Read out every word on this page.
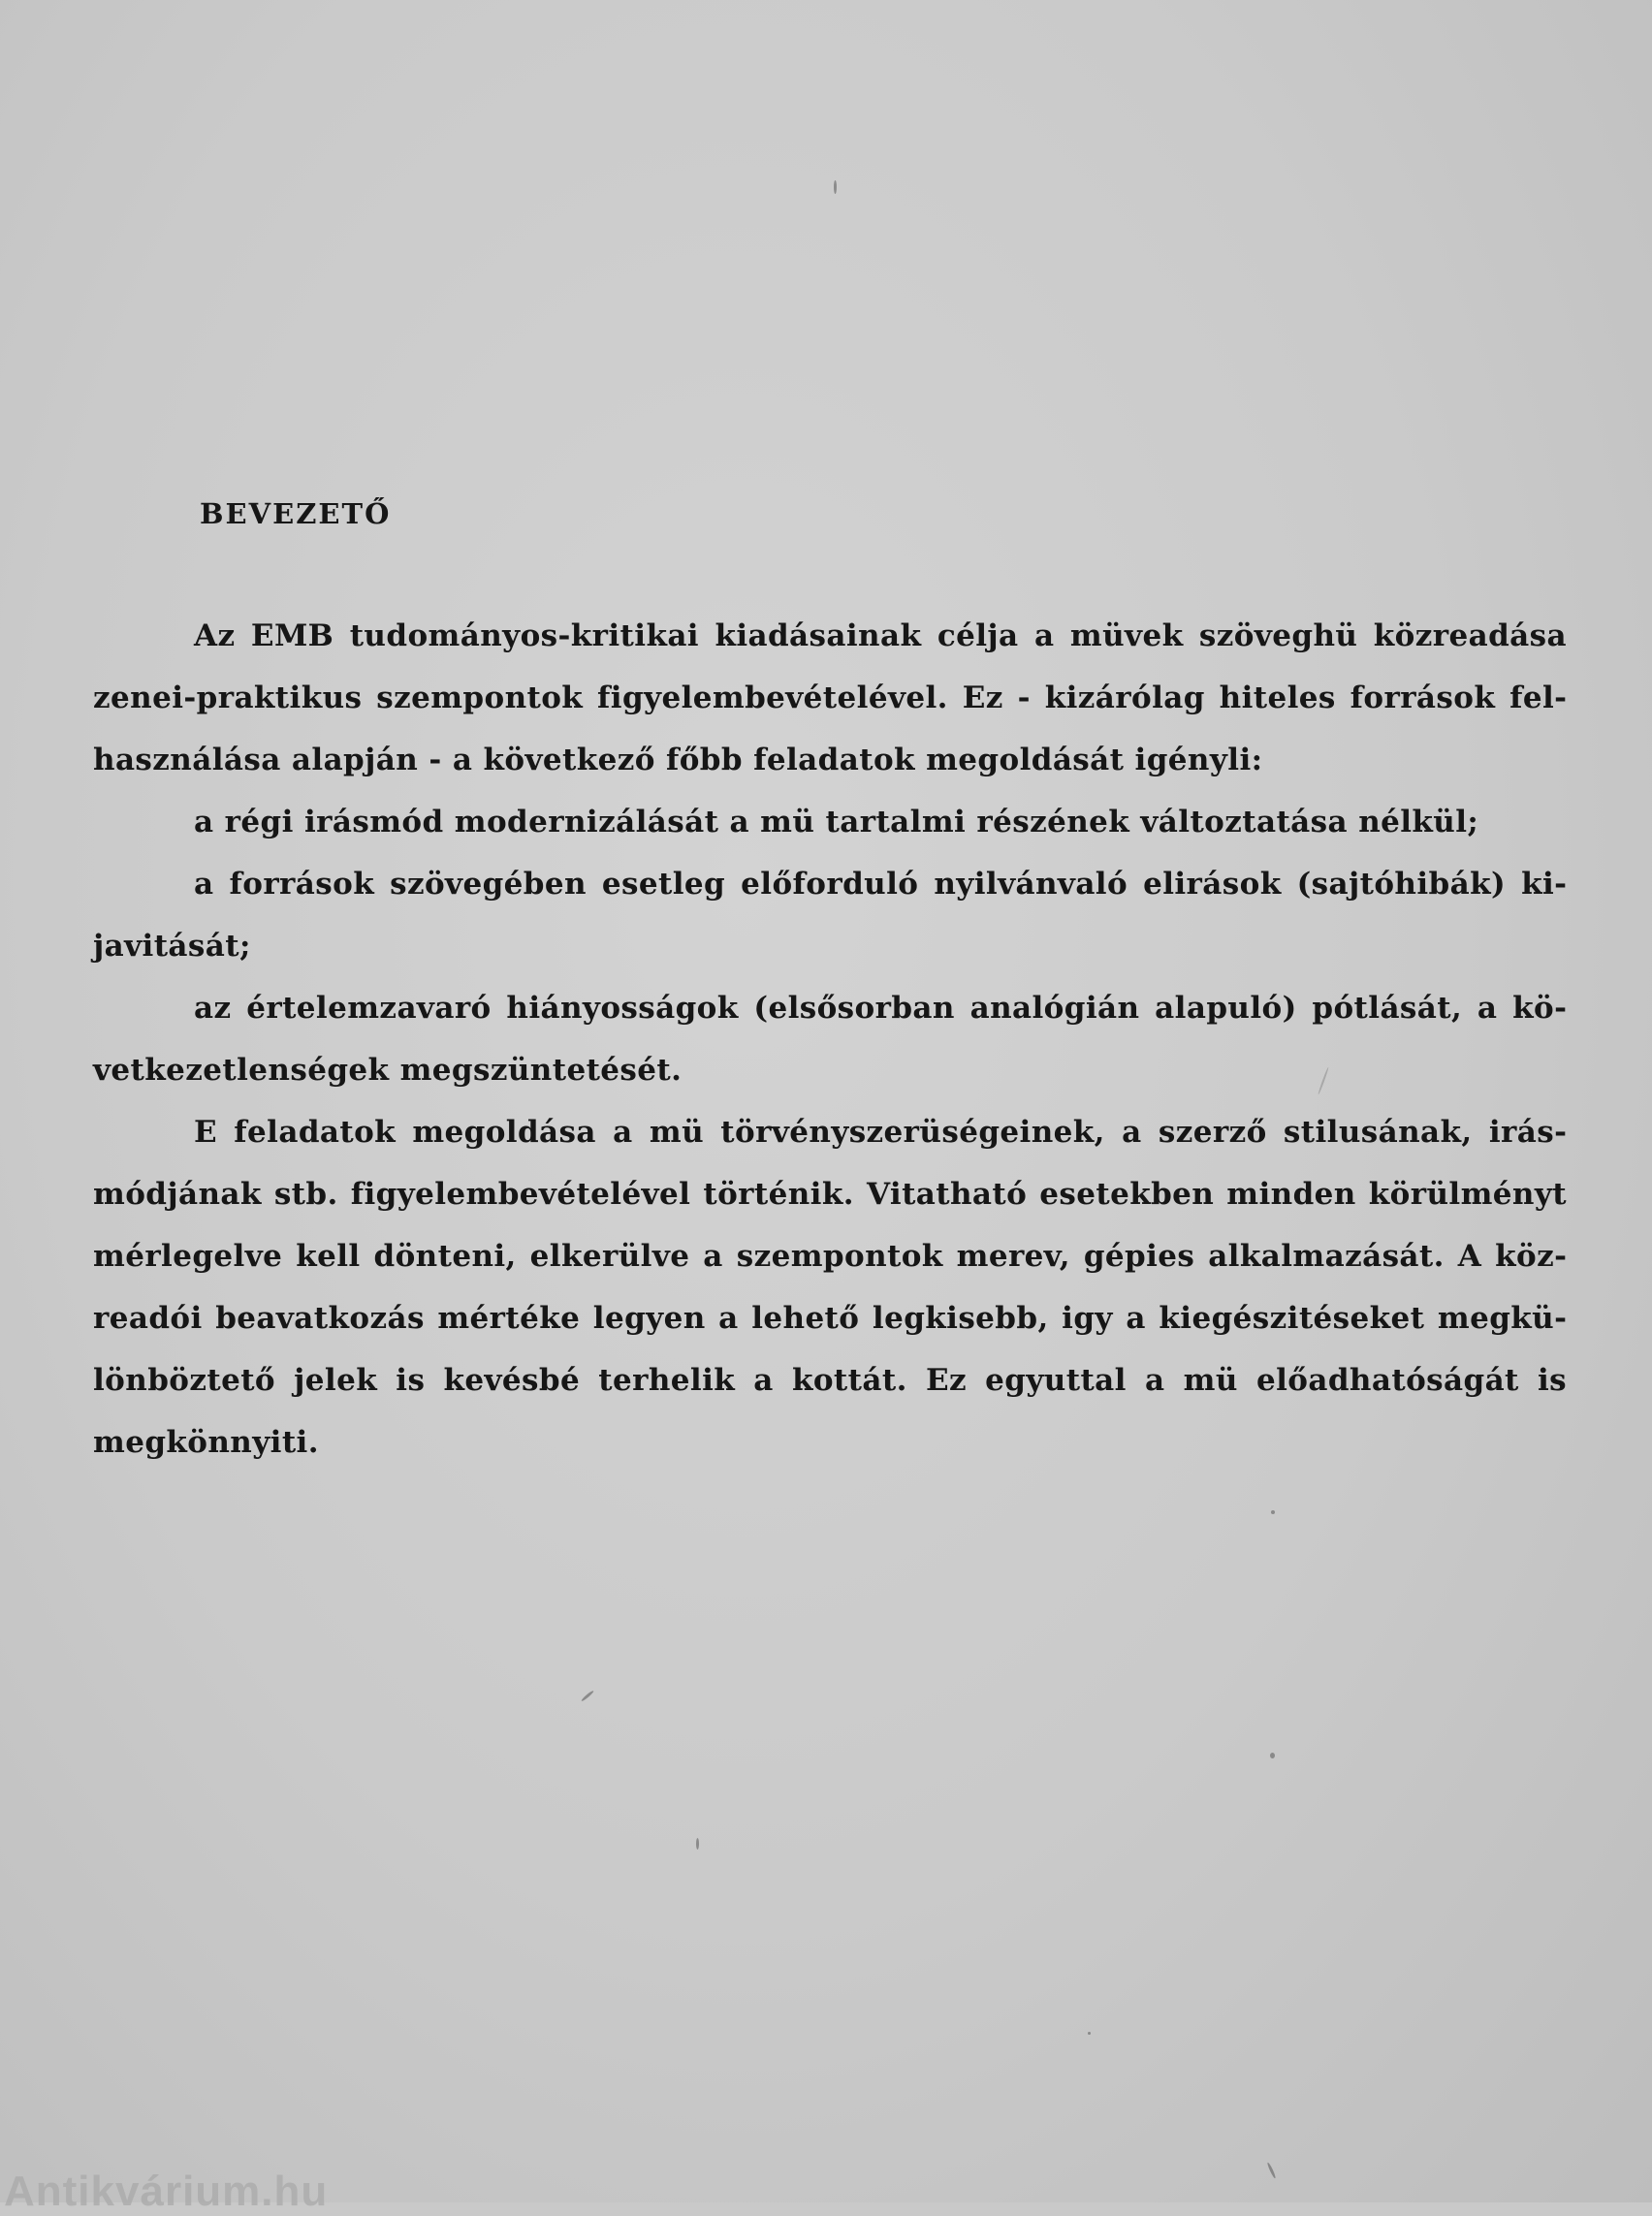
BEVEZETŐ

Az EMB tudományos-kritikai kiadásainak célja a müvek szöveghü közreadása zenei-praktikus szempontok figyelembevételével. Ez - kizárólag hiteles források felhasználása alapján - a következő főbb feladatok megoldását igényli:

a régi irásmód modernizálását a mü tartalmi részének változtatása nélkül;

a források szövegében esetleg előforduló nyilvánvaló elirások (sajtóhibák) kijavitását;

az értelemzavaró hiányosságok (elsősorban analógián alapuló) pótlását, a következetlenségek megszüntetését.

E feladatok megoldása a mü törvényszerüségeinek, a szerző stilusának, irásmódjának stb. figyelembevételével történik. Vitatható esetekben minden körülményt mérlegelve kell dönteni, elkerülve a szempontok merev, gépies alkalmazását. A közreadói beavatkozás mértéke legyen a lehető legkisebb, igy a kiegészitéseket megkülönböztető jelek is kevésbé terhelik a kottát. Ez egyuttal a mü előadhatóságát is megkönnyiti.

Antikvárium.hu
